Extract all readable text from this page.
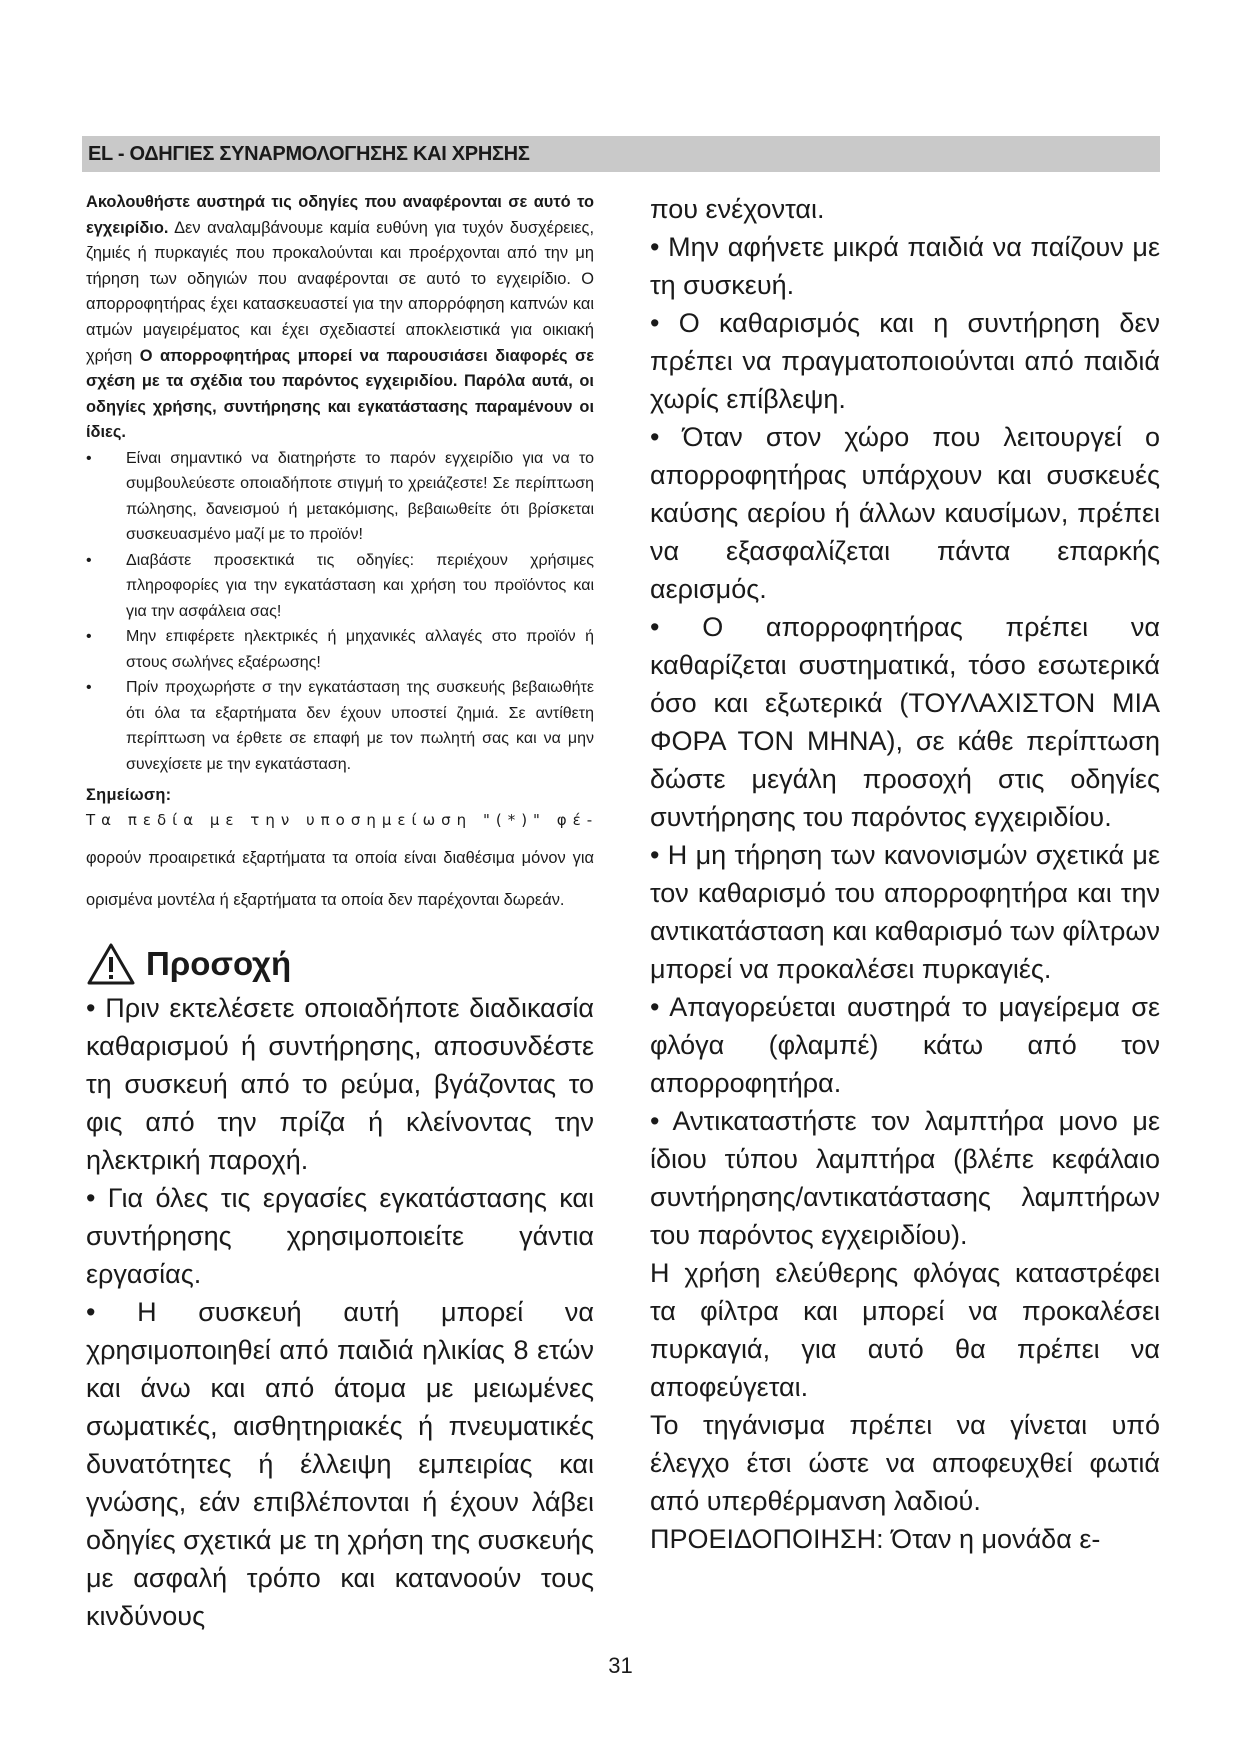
EL - ΟΔΗΓΙΕΣ ΣΥΝΑΡΜΟΛΟΓΗΣΗΣ ΚΑΙ ΧΡΗΣΗΣ

Ακολουθήστε αυστηρά τις οδηγίες που αναφέρονται σε αυτό το εγχειρίδιο. Δεν αναλαμβάνουμε καμία ευθύνη για τυχόν δυσχέρειες, ζημιές ή πυρκαγιές που προκαλούνται και προέρχονται από την μη τήρηση των οδηγιών που αναφέρονται σε αυτό το εγχειρίδιο. Ο απορροφητήρας έχει κατασκευαστεί για την απορρόφηση καπνών και ατμών μαγειρέματος και έχει σχεδιαστεί αποκλειστικά για οικιακή χρήση Ο απορροφητήρας μπορεί να παρουσιάσει διαφορές σε σχέση με τα σχέδια του παρόντος εγχειριδίου. Παρόλα αυτά, οι οδηγίες χρήσης, συντήρησης και εγκατάστασης παραμένουν οι ίδιες.

• Είναι σημαντικό να διατηρήστε το παρόν εγχειρίδιο για να το συμβουλεύεστε οποιαδήποτε στιγμή το χρειάζεστε! Σε περίπτωση πώλησης, δανεισμού ή μετακόμισης, βεβαιωθείτε ότι βρίσκεται συσκευασμένο μαζί με το προϊόν!
• Διαβάστε προσεκτικά τις οδηγίες: περιέχουν χρήσιμες πληροφορίες για την εγκατάσταση και χρήση του προϊόντος και για την ασφάλεια σας!
• Μην επιφέρετε ηλεκτρικές ή μηχανικές αλλαγές στο προϊόν ή στους σωλήνες εξαέρωσης!
• Πρίν προχωρήστε σ την εγκατάσταση της συσκευής βεβαιωθήτε ότι όλα τα εξαρτήματα δεν έχουν υποστεί ζημιά. Σε αντίθετη περίπτωση να έρθετε σε επαφή με τον πωλητή σας και να μην συνεχίσετε με την εγκατάσταση.

Σημείωση: Τα πεδία με την υποσημείωση "(*)" φέ-

φορούν προαιρετικά εξαρτήματα τα οποία είναι διαθέσιμα μόνον για ορισμένα μοντέλα ή εξαρτήματα τα οποία δεν παρέχονται δωρεάν.

Προσοχή

• Πριν εκτελέσετε οποιαδήποτε διαδικασία καθαρισμού ή συντήρησης, αποσυνδέστε τη συσκευή από το ρεύμα, βγάζοντας το φις από την πρίζα ή κλείνοντας την ηλεκτρική παροχή.

• Για όλες τις εργασίες εγκατάστασης και συντήρησης χρησιμοποιείτε γάντια εργασίας.

• Η συσκευή αυτή μπορεί να χρησιμοποιηθεί από παιδιά ηλικίας 8 ετών και άνω και από άτομα με μειωμένες σωματικές, αισθητηριακές ή πνευματικές δυνατότητες ή έλλειψη εμπειρίας και γνώσης, εάν επιβλέπονται ή έχουν λάβει οδηγίες σχετικά με τη χρήση της συσκευής με ασφαλή τρόπο και κατανοούν τους κινδύνους

που ενέχονται.

• Μην αφήνετε μικρά παιδιά να παίζουν με τη συσκευή.

• Ο καθαρισμός και η συντήρηση δεν πρέπει να πραγματοποιούνται από παιδιά χωρίς επίβλεψη.

• Όταν στον χώρο που λειτουργεί ο απορροφητήρας υπάρχουν και συσκευές καύσης αερίου ή άλλων καυσίμων, πρέπει να εξασφαλίζεται πάντα επαρκής αερισμός.

• Ο απορροφητήρας πρέπει να καθαρίζεται συστηματικά, τόσο εσωτερικά όσο και εξωτερικά (ΤΟΥΛΑΧΙΣΤΟΝ ΜΙΑ ΦΟΡΑ ΤΟΝ ΜΗΝΑ), σε κάθε περίπτωση δώστε μεγάλη προσοχή στις οδηγίες συντήρησης του παρόντος εγχειριδίου.

• Η μη τήρηση των κανονισμών σχετικά με τον καθαρισμό του απορροφητήρα και την αντικατάσταση και καθαρισμό των φίλτρων μπορεί να προκαλέσει πυρκαγιές.

• Απαγορεύεται αυστηρά το μαγείρεμα σε φλόγα (φλαμπέ) κάτω από τον απορροφητήρα.

• Αντικαταστήστε τον λαμπτήρα μονο με ίδιου τύπου λαμπτήρα (βλέπε κεφάλαιο συντήρησης/αντικατάστασης λαμπτήρων του παρόντος εγχειριδίου).

Η χρήση ελεύθερης φλόγας καταστρέφει τα φίλτρα και μπορεί να προκαλέσει πυρκαγιά, για αυτό θα πρέπει να αποφεύγεται.

Το τηγάνισμα πρέπει να γίνεται υπό έλεγχο έτσι ώστε να αποφευχθεί φωτιά από υπερθέρμανση λαδιού.

ΠΡΟΕΙΔΟΠΟΙΗΣΗ: Όταν η μονάδα ε-

31
